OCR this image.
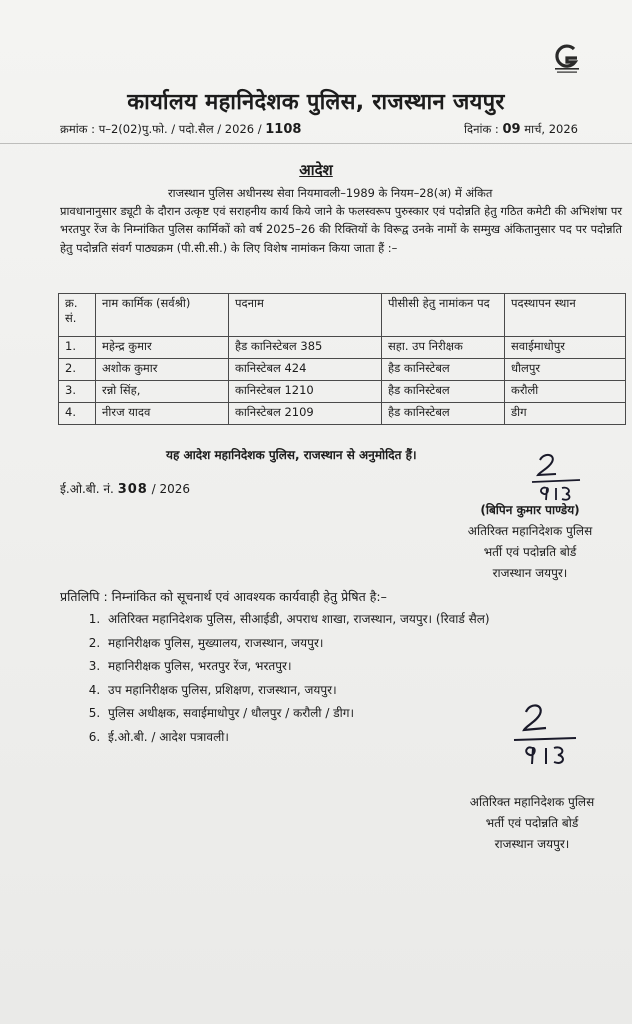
कार्यालय महानिदेशक पुलिस, राजस्थान जयपुर
क्रमांक : प–2(02)पु.फो. / पदो.सैल / 2026 / 1108	दिनांक : 09 मार्च, 2026
आदेश
राजस्थान पुलिस अधीनस्थ सेवा नियमावली–1989 के नियम–28(अ) में अंकित
प्रावधानानुसार ड्यूटी के दौरान उत्कृष्ट एवं सराहनीय कार्य किये जाने के फलस्वरूप पुरुस्कार एवं पदोन्नति हेतु गठित कमेटी की अभिशंषा पर भरतपुर रेंज के निम्नांकित पुलिस कार्मिकों को वर्ष 2025–26 की रिक्तियों के विरूद्व उनके नामों के सम्मुख अंकितानुसार पद पर पदोन्नति हेतु पदोन्नति संवर्ग पाठ्यक्रम (पी.सी.सी.) के लिए विशेष नामांकन किया जाता हैं :–
क्र. सं.	नाम कार्मिक (सर्वश्री)	पदनाम	पीसीसी हेतु नामांकन पद	पदस्थापन स्थान
1.	महेन्द्र कुमार	हैड कानिस्टेबल 385	सहा. उप निरीक्षक	सवाईमाधोपुर
2.	अशोक कुमार	कानिस्टेबल 424	हैड कानिस्टेबल	धौलपुर
3.	रन्नो सिंह,	कानिस्टेबल 1210	हैड कानिस्टेबल	करौली
4.	नीरज यादव	कानिस्टेबल 2109	हैड कानिस्टेबल	डीग
यह आदेश महानिदेशक पुलिस, राजस्थान से अनुमोदित हैं।
ई.ओ.बी. नं. 308 / 2026
(बिपिन कुमार पाण्डेय)
अतिरिक्त महानिदेशक पुलिस
भर्ती एवं पदोन्नति बोर्ड
राजस्थान जयपुर।
प्रतिलिपि : निम्नांकित को सूचनार्थ एवं आवश्यक कार्यवाही हेतु प्रेषित है:–
1. अतिरिक्त महानिदेशक पुलिस, सीआईडी, अपराध शाखा, राजस्थान, जयपुर। (रिवार्ड सैल)
2. महानिरीक्षक पुलिस, मुख्यालय, राजस्थान, जयपुर।
3. महानिरीक्षक पुलिस, भरतपुर रेंज, भरतपुर।
4. उप महानिरीक्षक पुलिस, प्रशिक्षण, राजस्थान, जयपुर।
5. पुलिस अधीक्षक, सवाईमाधोपुर / धौलपुर / करौली / डीग।
6. ई.ओ.बी. / आदेश पत्रावली।
अतिरिक्त महानिदेशक पुलिस
भर्ती एवं पदोन्नति बोर्ड
राजस्थान जयपुर।
